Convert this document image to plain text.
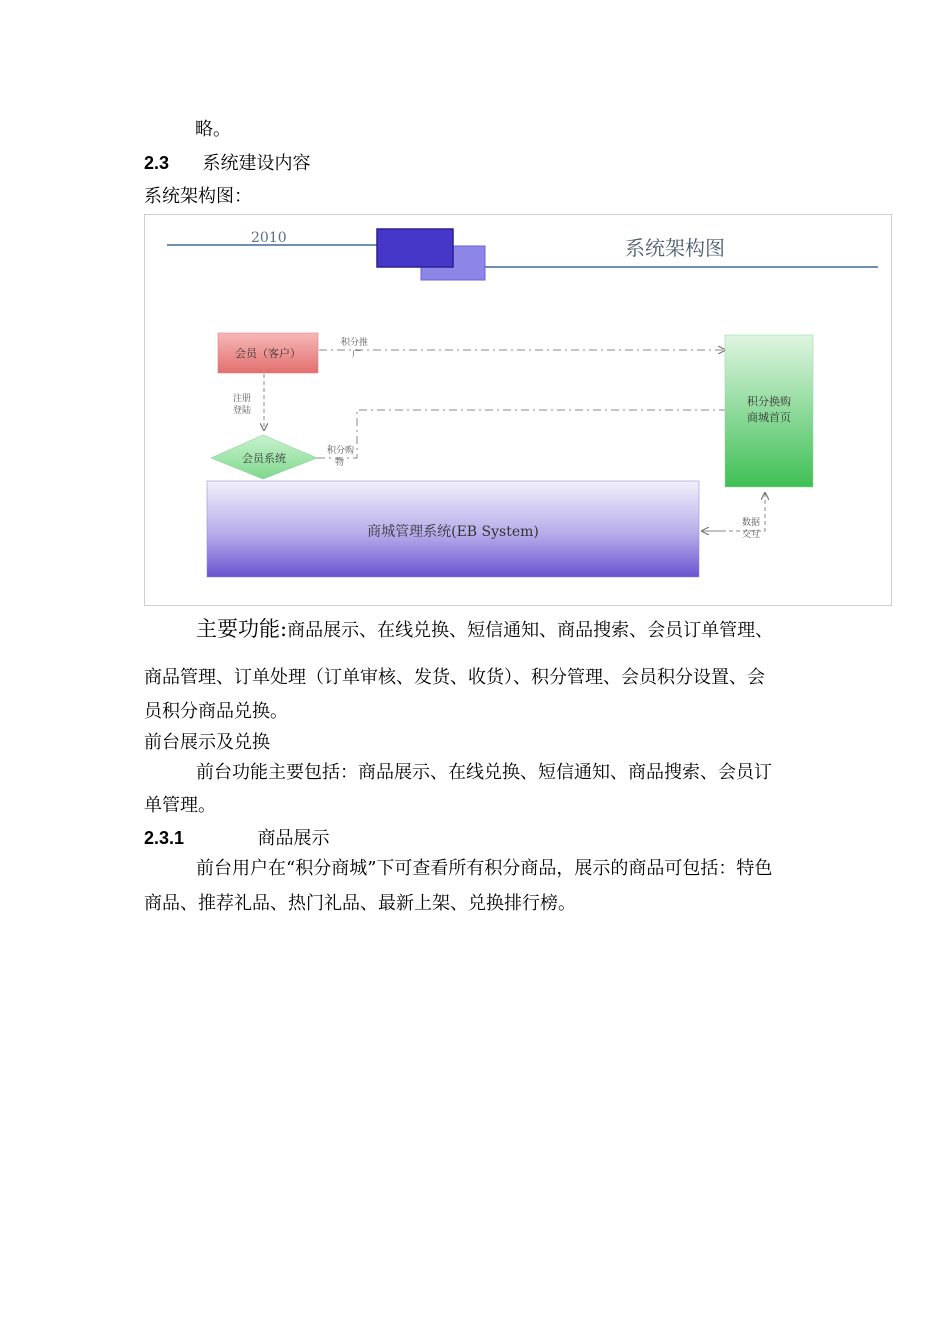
略。
2.3 系统建设内容
系统架构图：
2010	系统架构图
会员（客户）
积分推
广
注册
登陆
会员系统
积分购
物
积分换购
商城首页
商城管理系统(EB System)
数据
交互
主要功能:商品展示、在线兑换、短信通知、商品搜索、会员订单管理、
商品管理、订单处理（订单审核、发货、收货）、积分管理、会员积分设置、会
员积分商品兑换。
前台展示及兑换
前台功能主要包括：商品展示、在线兑换、短信通知、商品搜索、会员订
单管理。
2.3.1	商品展示
前台用户在“积分商城”下可查看所有积分商品，展示的商品可包括：特色
商品、推荐礼品、热门礼品、最新上架、兑换排行榜。
